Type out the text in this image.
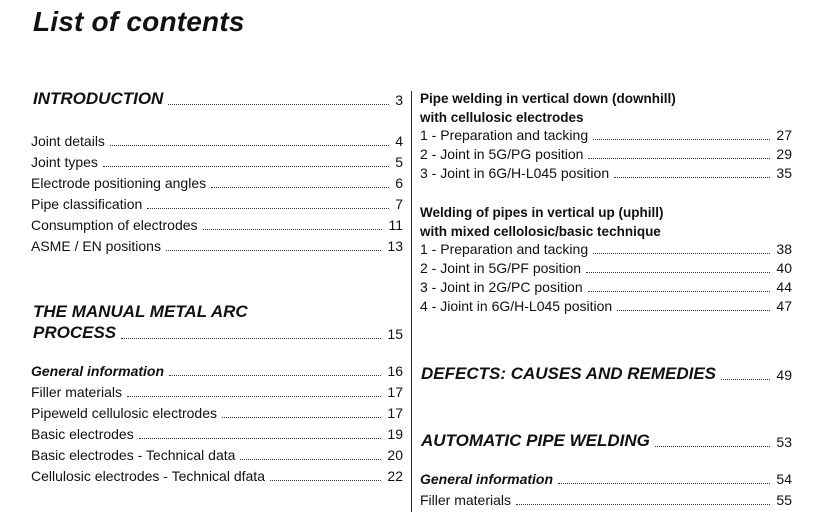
List of contents
INTRODUCTION	3
Joint details	4
Joint types	5
Electrode positioning angles	6
Pipe classification	7
Consumption of electrodes	11
ASME / EN positions	13
THE MANUAL METAL ARC
PROCESS	15
General information	16
Filler materials	17
Pipeweld cellulosic electrodes	17
Basic electrodes	19
Basic electrodes - Technical data	20
Cellulosic electrodes - Technical dfata	22
Pipe welding in vertical down (downhill)
with cellulosic electrodes
1 - Preparation and tacking	27
2 - Joint in 5G/PG position	29
3 - Joint in 6G/H-L045 position	35
Welding of pipes in vertical up (uphill)
with mixed cellolosic/basic technique
1 - Preparation and tacking	38
2 - Joint in 5G/PF position	40
3 - Joint in 2G/PC position	44
4 - Jioint in 6G/H-L045 position	47
DEFECTS: CAUSES AND REMEDIES	49
AUTOMATIC PIPE WELDING	53
General information	54
Filler materials	55
